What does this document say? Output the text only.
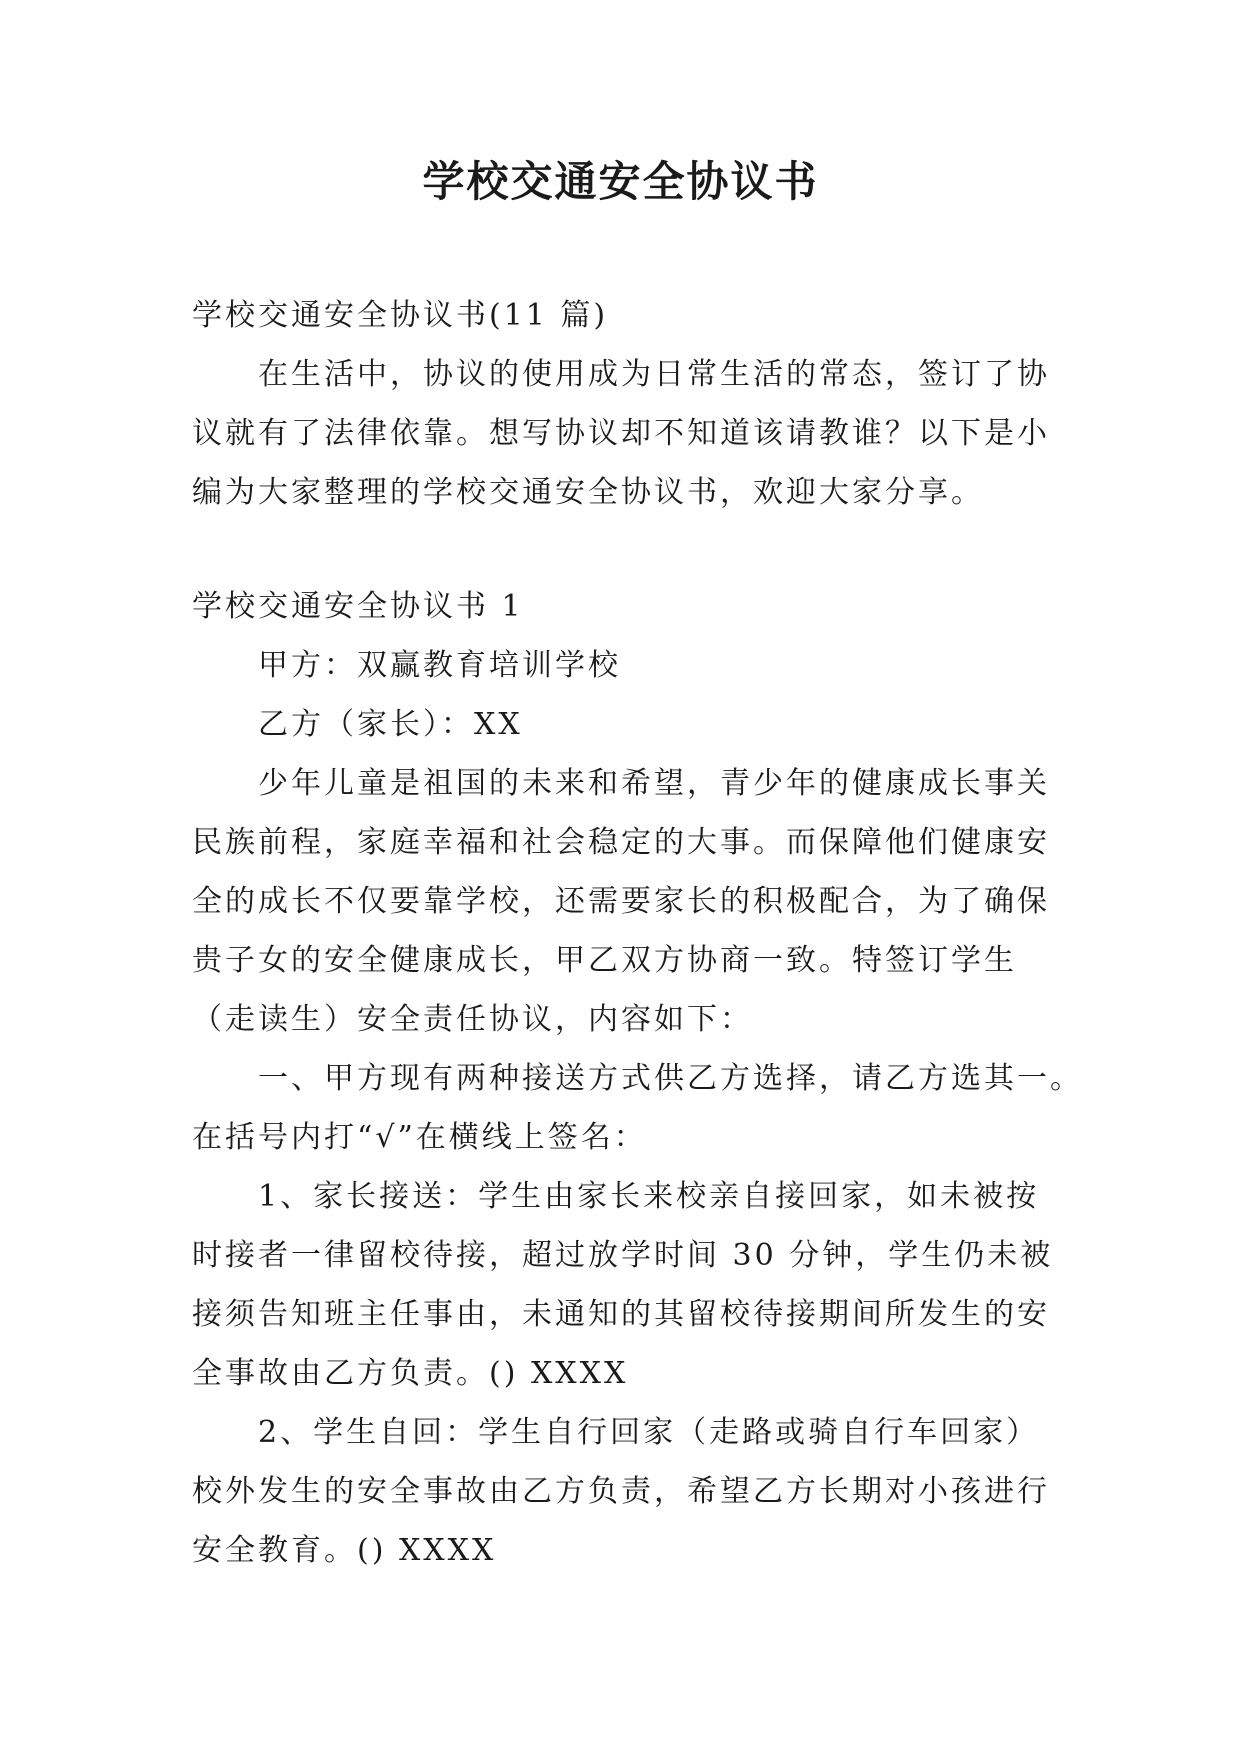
学校交通安全协议书
学校交通安全协议书(11 篇)
在生活中，协议的使用成为日常生活的常态，签订了协
议就有了法律依靠。想写协议却不知道该请教谁？以下是小
编为大家整理的学校交通安全协议书，欢迎大家分享。
学校交通安全协议书 1
甲方：双赢教育培训学校
乙方（家长）：XX
少年儿童是祖国的未来和希望，青少年的健康成长事关
民族前程，家庭幸福和社会稳定的大事。而保障他们健康安
全的成长不仅要靠学校，还需要家长的积极配合，为了确保
贵子女的安全健康成长，甲乙双方协商一致。特签订学生
（走读生）安全责任协议，内容如下：
一、甲方现有两种接送方式供乙方选择，请乙方选其一。
在括号内打“√”在横线上签名：
1、家长接送：学生由家长来校亲自接回家，如未被按
时接者一律留校待接，超过放学时间 30 分钟，学生仍未被
接须告知班主任事由，未通知的其留校待接期间所发生的安
全事故由乙方负责。() XXXX
2、学生自回：学生自行回家（走路或骑自行车回家）
校外发生的安全事故由乙方负责，希望乙方长期对小孩进行
安全教育。() XXXX
